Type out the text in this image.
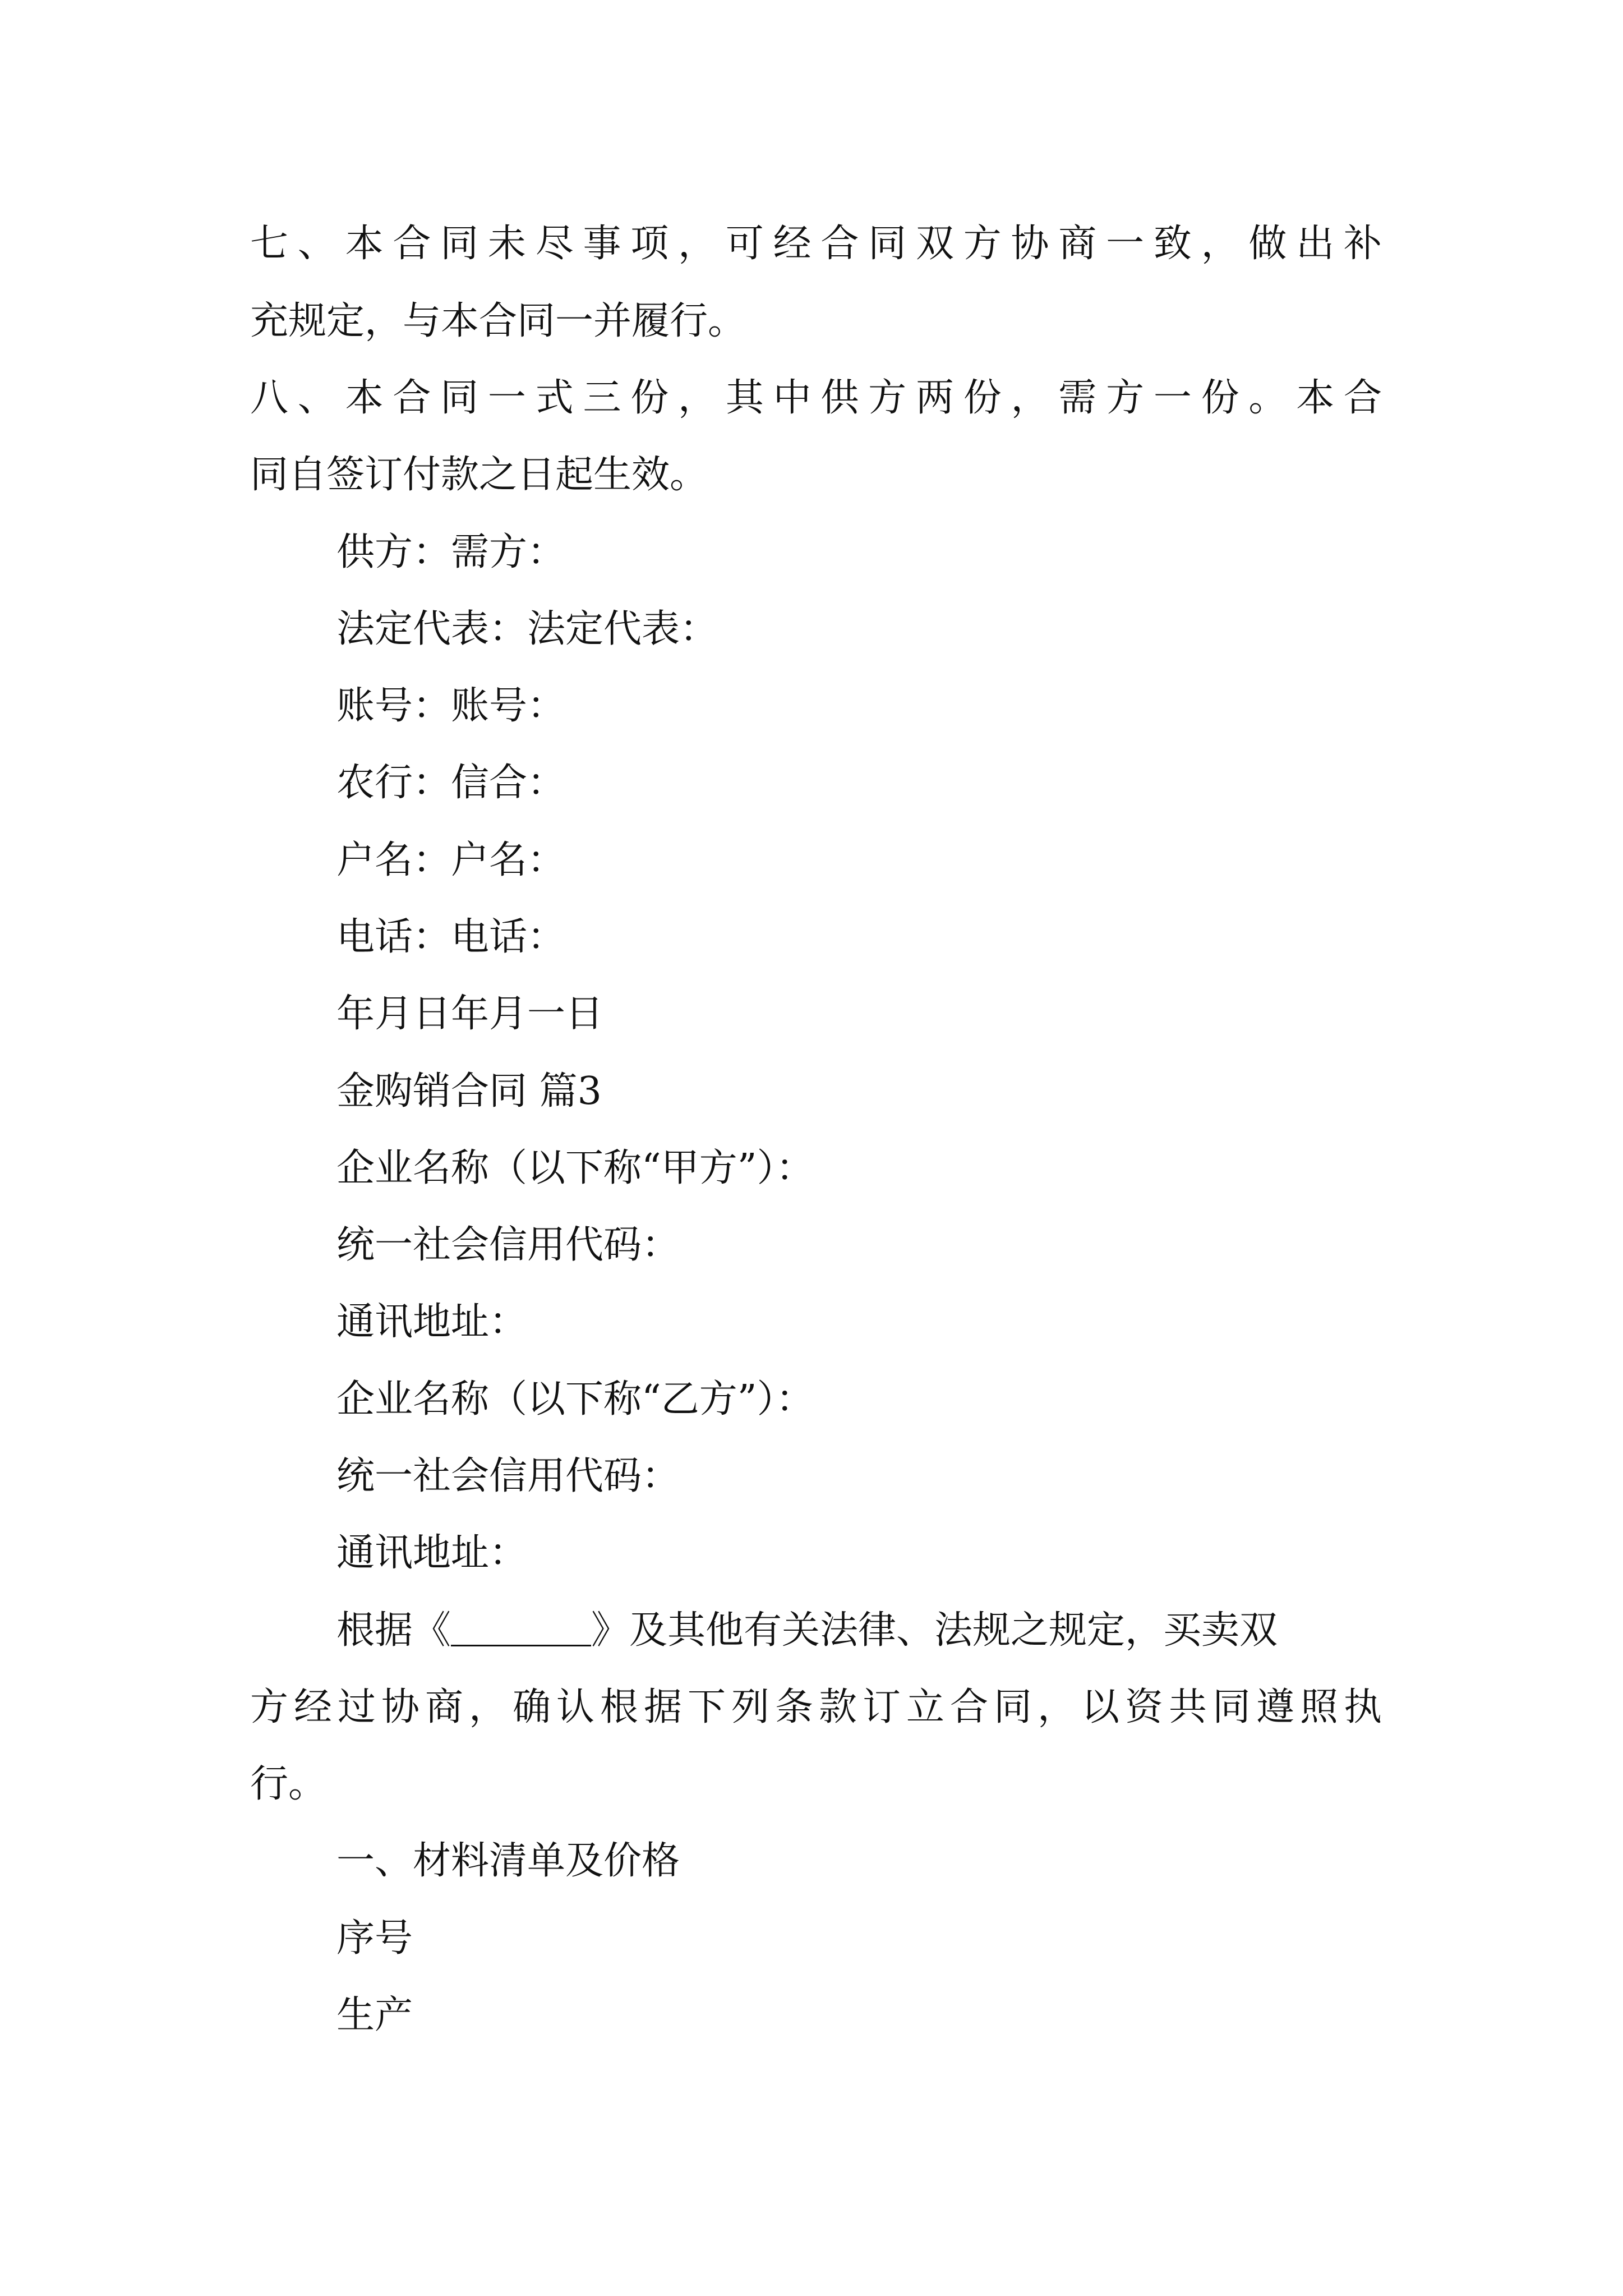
七、本合同未尽事项，可经合同双方协商一致，做出补
充规定，与本合同一并履行。
八、本合同一式三份，其中供方两份，需方一份。本合
同自签订付款之日起生效。
供方：需方：
法定代表：法定代表：
账号：账号：
农行：信合：
户名：户名：
电话：电话：
年月日年月一日
金购销合同 篇3
企业名称（以下称“甲方”）：
统一社会信用代码：
通讯地址：
企业名称（以下称“乙方”）：
统一社会信用代码：
通讯地址：
根据《	》及其他有关法律、法规之规定，买卖双
方经过协商，确认根据下列条款订立合同，以资共同遵照执
行。
一、材料清单及价格
序号
生产
